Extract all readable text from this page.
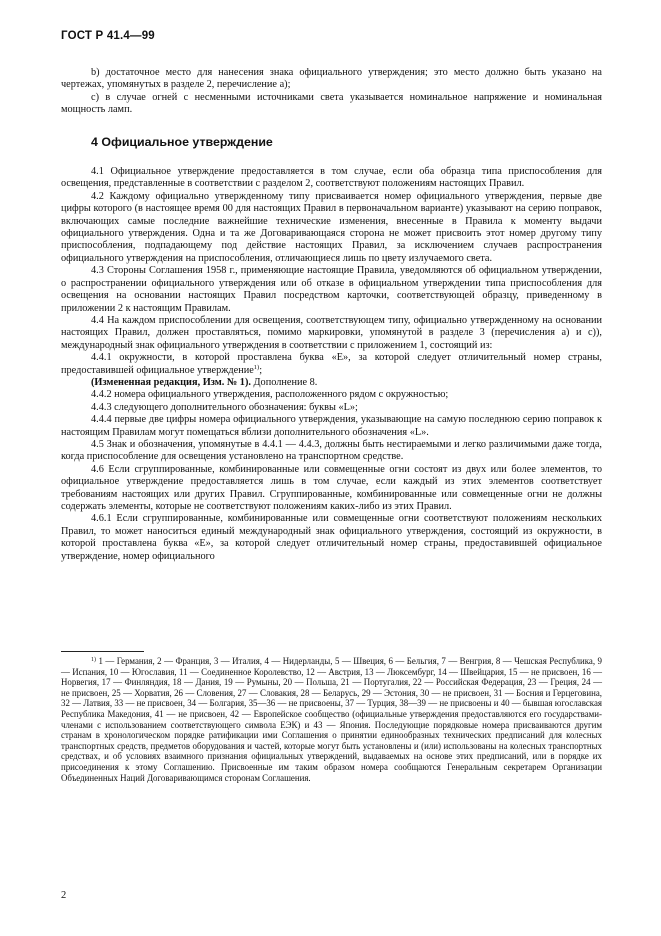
ГОСТ Р 41.4—99

b) достаточное место для нанесения знака официального утверждения; это место должно быть указано на чертежах, упомянутых в разделе 2, перечисление а);

c) в случае огней с несменными источниками света указывается номинальное напряжение и номинальная мощность ламп.

4 Официальное утверждение

4.1 Официальное утверждение предоставляется в том случае, если оба образца типа приспособления для освещения, представленные в соответствии с разделом 2, соответствуют положениям настоящих Правил.

4.2 Каждому официально утвержденному типу присваивается номер официального утверждения, первые две цифры которого (в настоящее время 00 для настоящих Правил в первоначальном варианте) указывают на серию поправок, включающих самые последние важнейшие технические изменения, внесенные в Правила к моменту выдачи официального утверждения. Одна и та же Договаривающаяся сторона не может присвоить этот номер другому типу приспособления, подпадающему под действие настоящих Правил, за исключением случаев распространения официального утверждения на приспособления, отличающиеся лишь по цвету излучаемого света.

4.3 Стороны Соглашения 1958 г., применяющие настоящие Правила, уведомляются об официальном утверждении, о распространении официального утверждения или об отказе в официальном утверждении типа приспособления для освещения на основании настоящих Правил посредством карточки, соответствующей образцу, приведенному в приложении 2 к настоящим Правилам.

4.4 На каждом приспособлении для освещения, соответствующем типу, официально утвержденному на основании настоящих Правил, должен проставляться, помимо маркировки, упомянутой в разделе 3 (перечисления а) и с)), международный знак официального утверждения в соответствии с приложением 1, состоящий из:

4.4.1 окружности, в которой проставлена буква «Е», за которой следует отличительный номер страны, предоставившей официальное утверждение$^{1)}$;

(Измененная редакция, Изм. № 1). Дополнение 8.

4.4.2 номера официального утверждения, расположенного рядом с окружностью;

4.4.3 следующего дополнительного обозначения: буквы «L»;

4.4.4 первые две цифры номера официального утверждения, указывающие на самую последнюю серию поправок к настоящим Правилам могут помещаться вблизи дополнительного обозначения «L».

4.5 Знак и обозначения, упомянутые в 4.4.1 — 4.4.3, должны быть нестираемыми и легко различимыми даже тогда, когда приспособление для освещения установлено на транспортном средстве.

4.6 Если сгруппированные, комбинированные или совмещенные огни состоят из двух или более элементов, то официальное утверждение предоставляется лишь в том случае, если каждый из этих элементов соответствует требованиям настоящих или других Правил. Сгруппированные, комбинированные или совмещенные огни не должны содержать элементы, которые не соответствуют положениям каких-либо из этих Правил.

4.6.1 Если сгруппированные, комбинированные или совмещенные огни соответствуют положениям нескольких Правил, то может наноситься единый международный знак официального утверждения, состоящий из окружности, в которой проставлена буква «Е», за которой следует отличительный номер страны, предоставившей официальное утверждение, номер официального

$^{1)}$ 1 — Германия, 2 — Франция, 3 — Италия, 4 — Нидерланды, 5 — Швеция, 6 — Бельгия, 7 — Венгрия, 8 — Чешская Республика, 9 — Испания, 10 — Югославия, 11 — Соединенное Королевство, 12 — Австрия, 13 — Люксембург, 14 — Швейцария, 15 — не присвоен, 16 — Норвегия, 17 — Финляндия, 18 — Дания, 19 — Румыны, 20 — Польша, 21 — Португалия, 22 — Российская Федерация, 23 — Греция, 24 — не присвоен, 25 — Хорватия, 26 — Словения, 27 — Словакия, 28 — Беларусь, 29 — Эстония, 30 — не присвоен, 31 — Босния и Герцеговина, 32 — Латвия, 33 — не присвоен, 34 — Болгария, 35—36 — не присвоены, 37 — Турция, 38—39 — не присвоены и 40 — бывшая югославская Республика Македония, 41 — не присвоен, 42 — Европейское сообщество (официальные утверждения предоставляются его государствами-членами с использованием соответствующего символа ЕЭК) и 43 — Япония. Последующие порядковые номера присваиваются другим странам в хронологическом порядке ратификации ими Соглашения о принятии единообразных технических предписаний для колесных транспортных средств, предметов оборудования и частей, которые могут быть установлены и (или) использованы на колесных транспортных средствах, и об условиях взаимного признания официальных утверждений, выдаваемых на основе этих предписаний, или в порядке их присоединения к этому Соглашению. Присвоенные им таким образом номера сообщаются Генеральным секретарем Организации Объединенных Наций Договаривающимся сторонам Соглашения.
2
